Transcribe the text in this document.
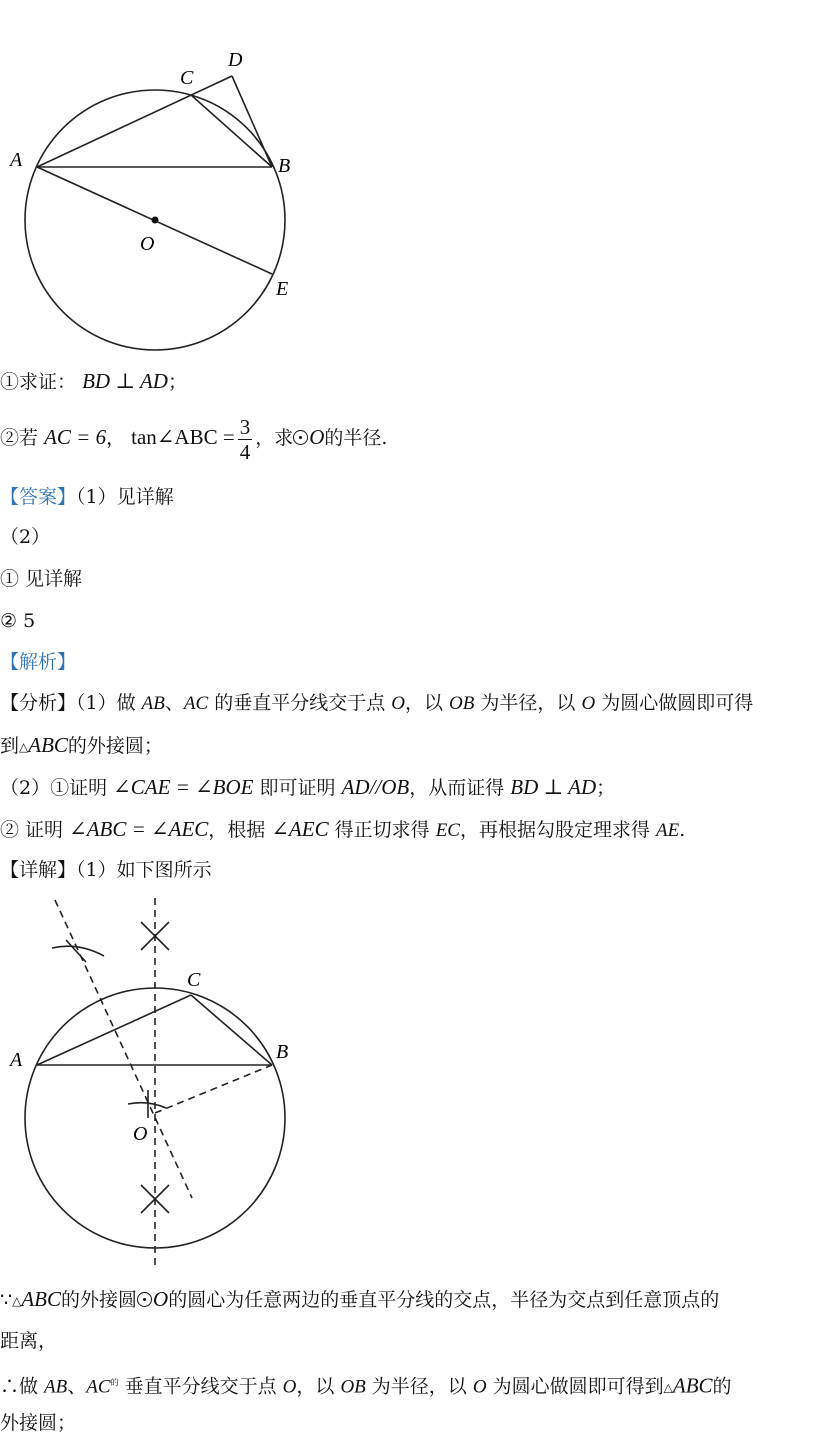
A	B
C
D
O
E
①求证： BD ⊥ AD；
②若 AC = 6， tan∠ABC = $\frac{3}{4}$ ，求 O的半径.
【答案】（1）见详解
（2）
① 见详解
② 5
【解析】
【分析】（1）做 AB、AC 的垂直平分线交于点 O，以 OB 为半径，以 O 为圆心做圆即可得
到△ABC的外接圆；
（2）①证明 ∠CAE = ∠BOE 即可证明 AD//OB，从而证得 BD ⊥ AD；
② 证明 ∠ABC = ∠AEC，根据 ∠AEC 得正切求得 EC，再根据勾股定理求得 AE.
【详解】（1）如下图所示
A	B
C
O
∵△ABC的外接圆 O的圆心为任意两边的垂直平分线的交点，半径为交点到任意顶点的
距离，
∴做 AB、$AC^的$ 垂直平分线交于点 O，以 OB 为半径，以 O 为圆心做圆即可得到△ABC的
外接圆；
